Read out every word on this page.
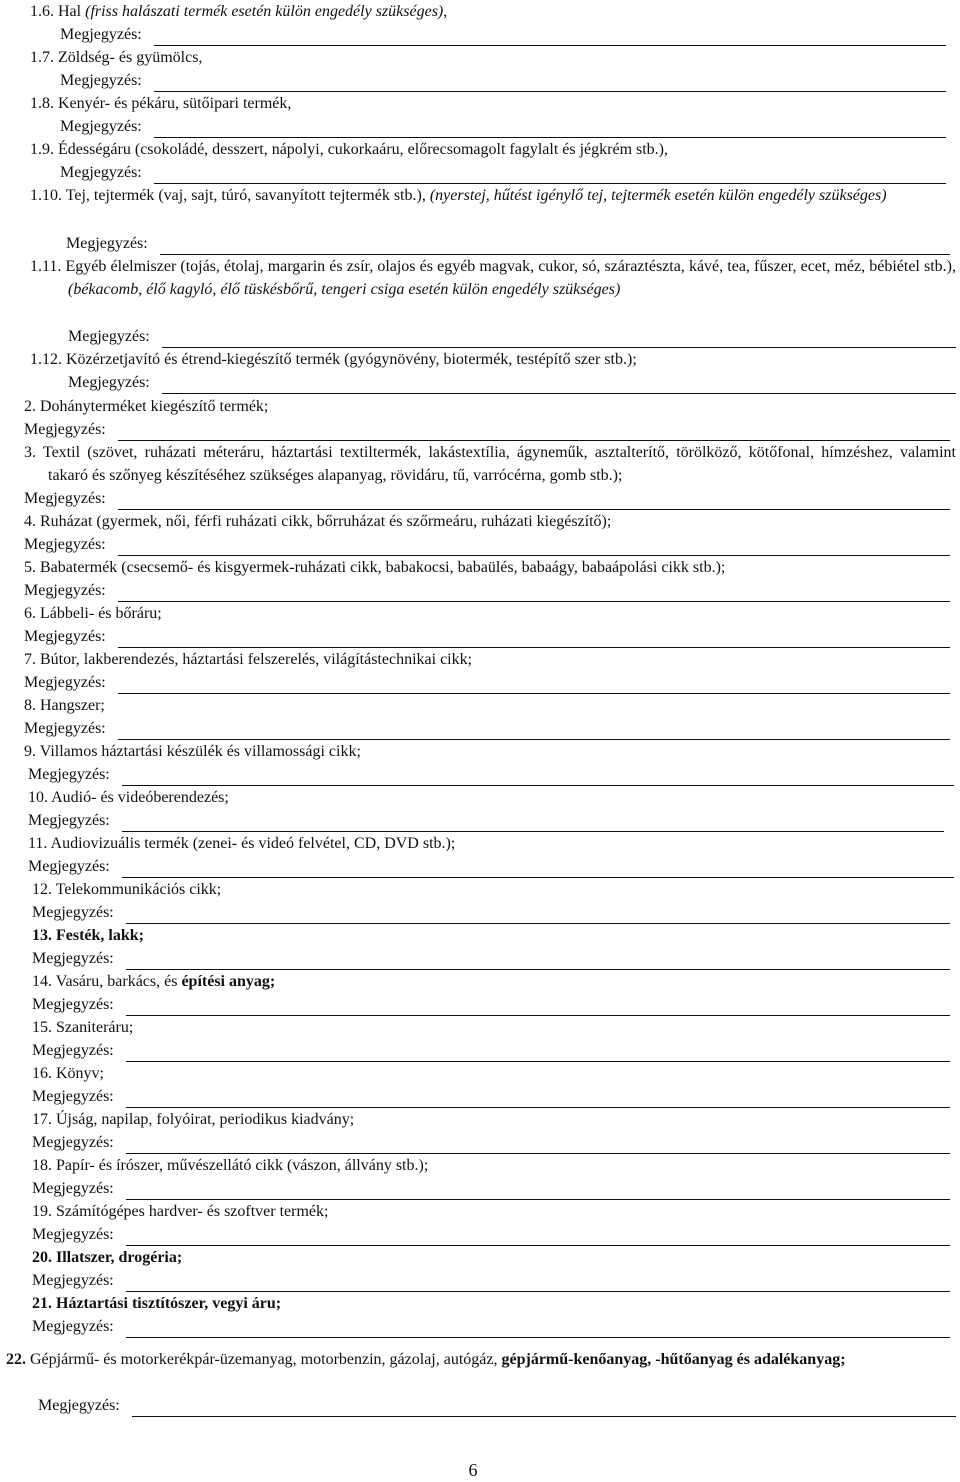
1.6. Hal (friss halászati termék esetén külön engedély szükséges),
Megjegyzés:
1.7. Zöldség- és gyümölcs,
Megjegyzés:
1.8. Kenyér- és pékáru, sütőipari termék,
Megjegyzés:
1.9. Édességáru (csokoládé, desszert, nápolyi, cukorkaáru, előrecsomagolt fagylalt és jégkrém stb.),
Megjegyzés:
1.10. Tej, tejtermék (vaj, sajt, túró, savanyított tejtermék stb.), (nyerstej, hűtést igénylő tej, tejtermék esetén külön engedély szükséges)
Megjegyzés:
1.11. Egyéb élelmiszer (tojás, étolaj, margarin és zsír, olajos és egyéb magvak, cukor, só, száraztészta, kávé, tea, fűszer, ecet, méz, bébiétel stb.), (békacomb, élő kagyló, élő tüskésbőrű, tengeri csiga esetén külön engedély szükséges)
Megjegyzés:
1.12. Közérzetjavító és étrend-kiegészítő termék (gyógynövény, biotermék, testépítő szer stb.);
Megjegyzés:
2. Dohányterméket kiegészítő termék;
Megjegyzés:
3. Textil (szövet, ruházati méteráru, háztartási textiltermék, lakástextília, ágyneműk, asztalterítő, törölköző, kötőfonal, hímzéshez, valamint takaró és szőnyeg készítéséhez szükséges alapanyag, rövidáru, tű, varrócérna, gomb stb.);
Megjegyzés:
4. Ruházat (gyermek, női, férfi ruházati cikk, bőrruházat és szőrmeáru, ruházati kiegészítő);
Megjegyzés:
5. Babatermék (csecsemő- és kisgyermek-ruházati cikk, babakocsi, babaülés, babaágy, babaápolási cikk stb.);
Megjegyzés:
6. Lábbeli- és bőráru;
Megjegyzés:
7. Bútor, lakberendezés, háztartási felszerelés, világítástechnikai cikk;
Megjegyzés:
8. Hangszer;
Megjegyzés:
9. Villamos háztartási készülék és villamossági cikk;
Megjegyzés:
10. Audió- és videóberendezés;
Megjegyzés:
11. Audiovizuális termék (zenei- és videó felvétel, CD, DVD stb.);
Megjegyzés:
12. Telekommunikációs cikk;
Megjegyzés:
13. Festék, lakk;
Megjegyzés:
14. Vasáru, barkács, és építési anyag;
Megjegyzés:
15. Szaniteráru;
Megjegyzés:
16. Könyv;
Megjegyzés:
17. Újság, napilap, folyóirat, periodikus kiadvány;
Megjegyzés:
18. Papír- és írószer, művészellátó cikk (vászon, állvány stb.);
Megjegyzés:
19. Számítógépes hardver- és szoftver termék;
Megjegyzés:
20. Illatszer, drogéria;
Megjegyzés:
21. Háztartási tisztítószer, vegyi áru;
Megjegyzés:
22. Gépjármű- és motorkerékpár-üzemanyag, motorbenzin, gázolaj, autógáz, gépjármű-kenőanyag, -hűtőanyag és adalékanyag;
Megjegyzés:
6
